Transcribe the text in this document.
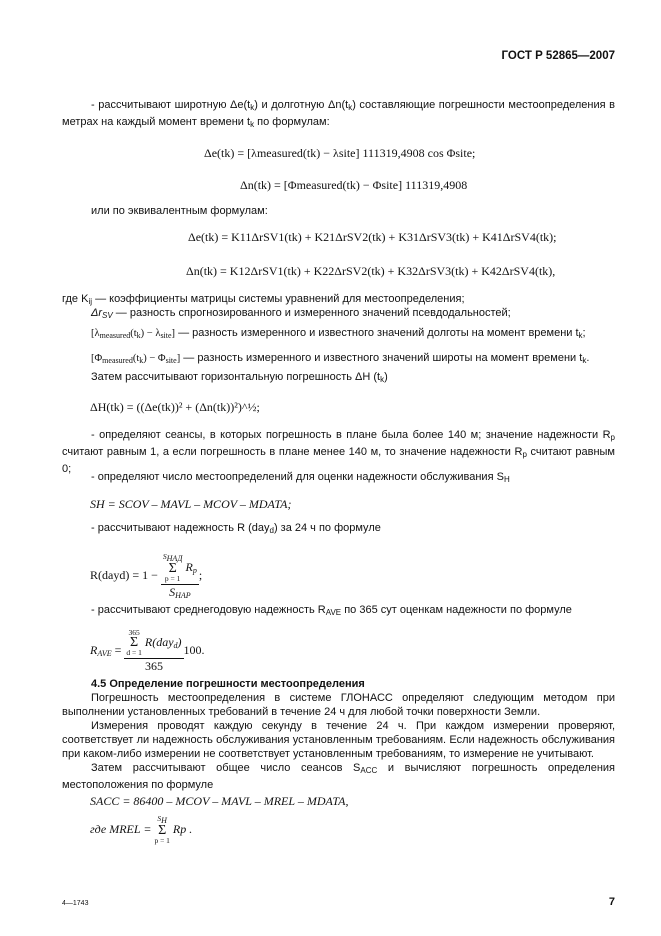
ГОСТ Р 52865—2007
- рассчитывают широтную $\Delta e(t_k)$ и долготную $\Delta n(t_k)$ составляющие погрешности местоопределения в метрах на каждый момент времени $t_k$ по формулам:
Δe(tk) = [λmeasured(tk) − λsite] 111319,4908 cos Φsite;
Δn(tk) = [Φmeasured(tk) − Φsite] 111319,4908
или по эквивалентным формулам:
Δe(tk) = K11ΔrSV1(tk) + K21ΔrSV2(tk) + K31ΔrSV3(tk) + K41ΔrSV4(tk);
Δn(tk) = K12ΔrSV1(tk) + K22ΔrSV2(tk) + K32ΔrSV3(tk) + K42ΔrSV4(tk),
где $K_{ij}$ — коэффициенты матрицы системы уравнений для местоопределения;
$\Delta r_{SV}$ — разность спрогнозированного и измеренного значений псевдодальностей;
$[\lambda_{measured}(t_k) - \lambda_{site}]$ — разность измеренного и известного значений долготы на момент времени $t_k$;
$[\Phi_{measured}(t_k) - \Phi_{site}]$ — разность измеренного и известного значений широты на момент времени $t_k$.
Затем рассчитывают горизонтальную погрешность ΔH $(t_k)$
ΔH(tk) = ((Δe(tk))² + (Δn(tk))²)^½;
- определяют сеансы, в которых погрешность в плане была более 140 м; значение надежности $R_p$ считают равным 1, а если погрешность в плане менее 140 м, то значение надежности $R_p$ считают равным 0;
- определяют число местоопределений для оценки надежности обслуживания $S_H$
SH = SCOV – MAVL – MCOV – MDATA;
- рассчитывают надежность R (day$_d$) за 24 ч по формуле
R(dayd) = $1 - S_{НАД}$
Σ
p = 1
$R_p$
$S_{НАР}$ ;
- рассчитывают среднегодовую надежность $R_{AVE}$ по 365 сут оценкам надежности по формуле
$R_{AVE} = 365$
Σ
d = 1
R(day$_d$)
365 100.
4.5 Определение погрешности местоопределения
Погрешность местоопределения в системе ГЛОНАСС определяют следующим методом при выполнении установленных требований в течение 24 ч для любой точки поверхности Земли.
Измерения проводят каждую секунду в течение 24 ч. При каждом измерении проверяют, соответствует ли надежность обслуживания установленным требованиям. Если надежность обслуживания при каком-либо измерении не соответствует установленным требованиям, то измерение не учитывают.
Затем рассчитывают общее число сеансов $S_{ACC}$ и вычисляют погрешность определения местоположения по формуле
SACC = 86400 – MCOV – MAVL – MREL – MDATA,
где MREL =
$S_H$
Σ
p = 1
Rp .
4—1743	7
